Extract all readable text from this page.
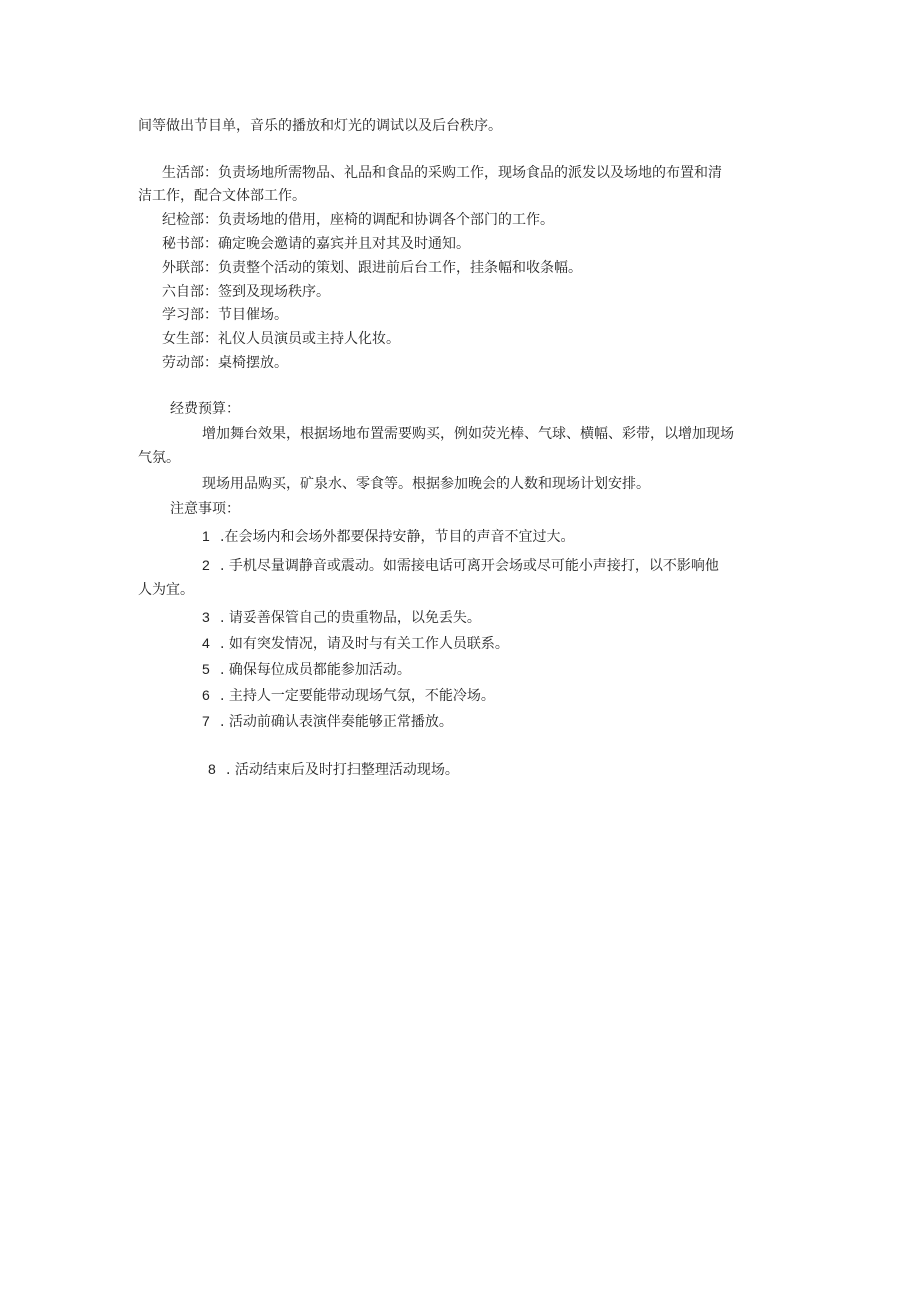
间等做出节目单，音乐的播放和灯光的调试以及后台秩序。
生活部：负责场地所需物品、礼品和食品的采购工作，现场食品的派发以及场地的布置和清
洁工作，配合文体部工作。
纪检部：负责场地的借用，座椅的调配和协调各个部门的工作。
秘书部：确定晚会邀请的嘉宾并且对其及时通知。
外联部：负责整个活动的策划、跟进前后台工作，挂条幅和收条幅。
六自部：签到及现场秩序。
学习部：节目催场。
女生部：礼仪人员演员或主持人化妆。
劳动部：桌椅摆放。
经费预算：
增加舞台效果，根据场地布置需要购买，例如荧光棒、气球、横幅、彩带，以增加现场
气氛。
现场用品购买，矿泉水、零食等。根据参加晚会的人数和现场计划安排。
注意事项：
1 .在会场内和会场外都要保持安静，节目的声音不宜过大。
2 . 手机尽量调静音或震动。如需接电话可离开会场或尽可能小声接打，以不影响他
人为宜。
3 . 请妥善保管自己的贵重物品，以免丢失。
4 . 如有突发情况，请及时与有关工作人员联系。
5 . 确保每位成员都能参加活动。
6 . 主持人一定要能带动现场气氛，不能冷场。
7 . 活动前确认表演伴奏能够正常播放。
8 . 活动结束后及时打扫整理活动现场。
